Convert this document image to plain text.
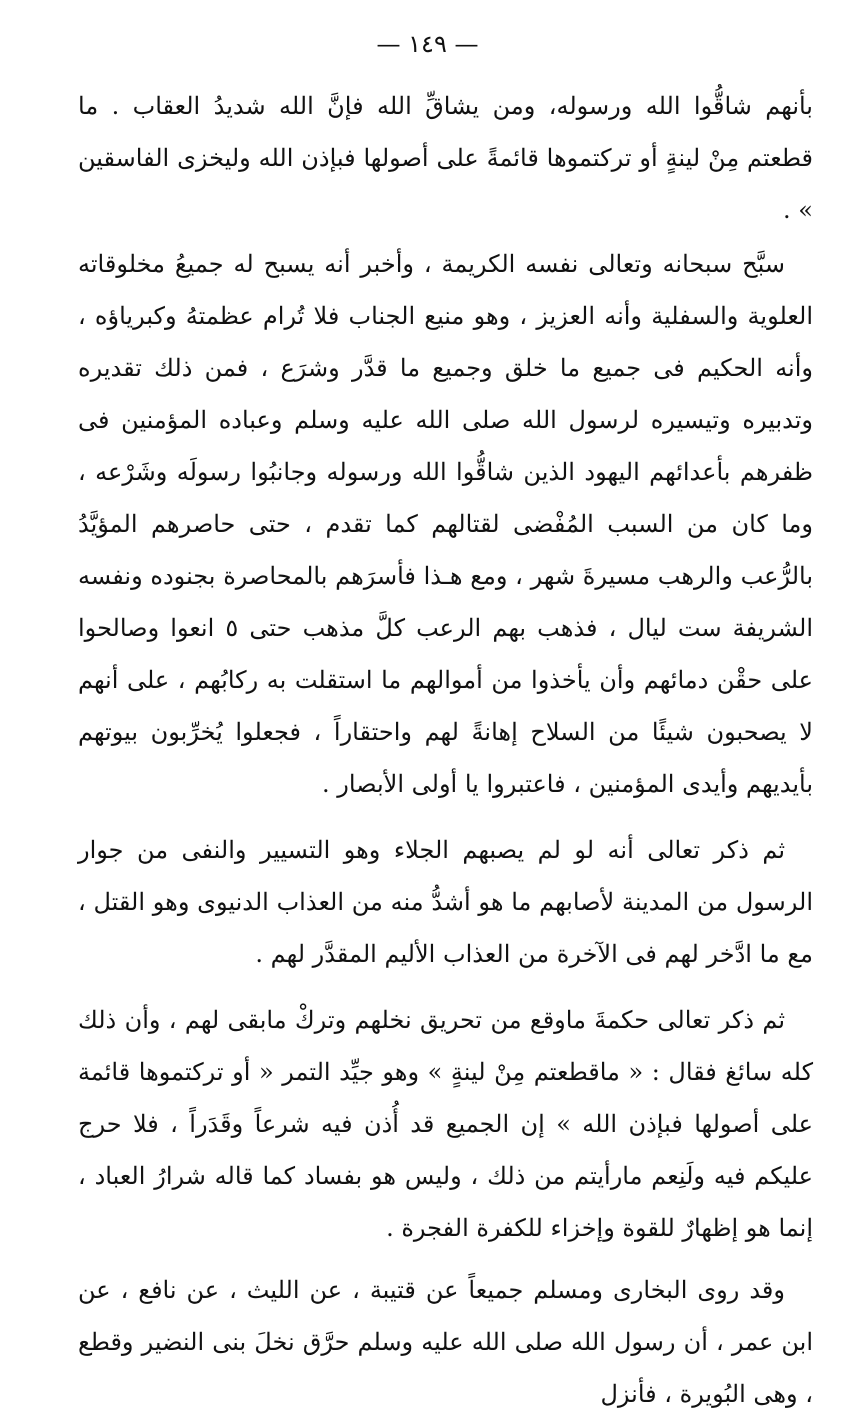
— ١٤٩ —

بأنهم شاقُّوا الله ورسوله، ومن يشاقِّ الله فإنَّ الله شديدُ العقاب . ما قطعتم مِنْ لينةٍ أو تركتموها قائمةً على أصولها فبإذن الله وليخزى الفاسقين » .

سبَّح سبحانه وتعالى نفسه الكريمة ، وأخبر أنه يسبح له جميعُ مخلوقاته العلوية والسفلية وأنه العزيز ، وهو منيع الجناب فلا تُرام عظمتهُ وكبرياؤه ، وأنه الحكيم فى جميع ما خلق وجميع ما قدَّر وشرَع ، فمن ذلك تقديره وتدبيره وتيسيره لرسول الله صلى الله عليه وسلم وعباده المؤمنين فى ظفرهم بأعدائهم اليهود الذين شاقُّوا الله ورسوله وجانبُوا رسولَه وشَرْعه ، وما كان من السبب المُفْضى لقتالهم كما تقدم ، حتى حاصرهم المؤيَّدُ بالرُّعب والرهب مسيرةَ شهر ، ومع هـذا فأسرَهم بالمحاصرة بجنوده ونفسه الشريفة ست ليال ، فذهب بهم الرعب كلَّ مذهب حتى ٥ انعوا وصالحوا على حقْن دمائهم وأن يأخذوا من أموالهم ما استقلت به ركابُهم ، على أنهم لا يصحبون شيئًا من السلاح إهانةً لهم واحتقاراً ، فجعلوا يُخرِّبون بيوتهم بأيديهم وأيدى المؤمنين ، فاعتبروا يا أولى الأبصار .

ثم ذكر تعالى أنه لو لم يصبهم الجلاء وهو التسيير والنفى من جوار الرسول من المدينة لأصابهم ما هو أشدُّ منه من العذاب الدنيوى وهو القتل ، مع ما ادَّخر لهم فى الآخرة من العذاب الأليم المقدَّر لهم .

ثم ذكر تعالى حكمةَ ماوقع من تحريق نخلهم وتركْ مابقى لهم ، وأن ذلك كله سائغ فقال : « ماقطعتم مِنْ لينةٍ » وهو جيِّد التمر « أو تركتموها قائمة على أصولها فبإذن الله » إن الجميع قد أُذن فيه شرعاً وقَدَراً ، فلا حرج عليكم فيه ولَنِعم مارأيتم من ذلك ، وليس هو بفساد كما قاله شرارُ العباد ، إنما هو إظهارٌ للقوة وإخزاء للكفرة الفجرة .

وقد روى البخارى ومسلم جميعاً عن قتيبة ، عن الليث ، عن نافع ، عن ابن عمر ، أن رسول الله صلى الله عليه وسلم حرَّق نخلَ بنى النضير وقطع ، وهى البُويرة ، فأنزل
